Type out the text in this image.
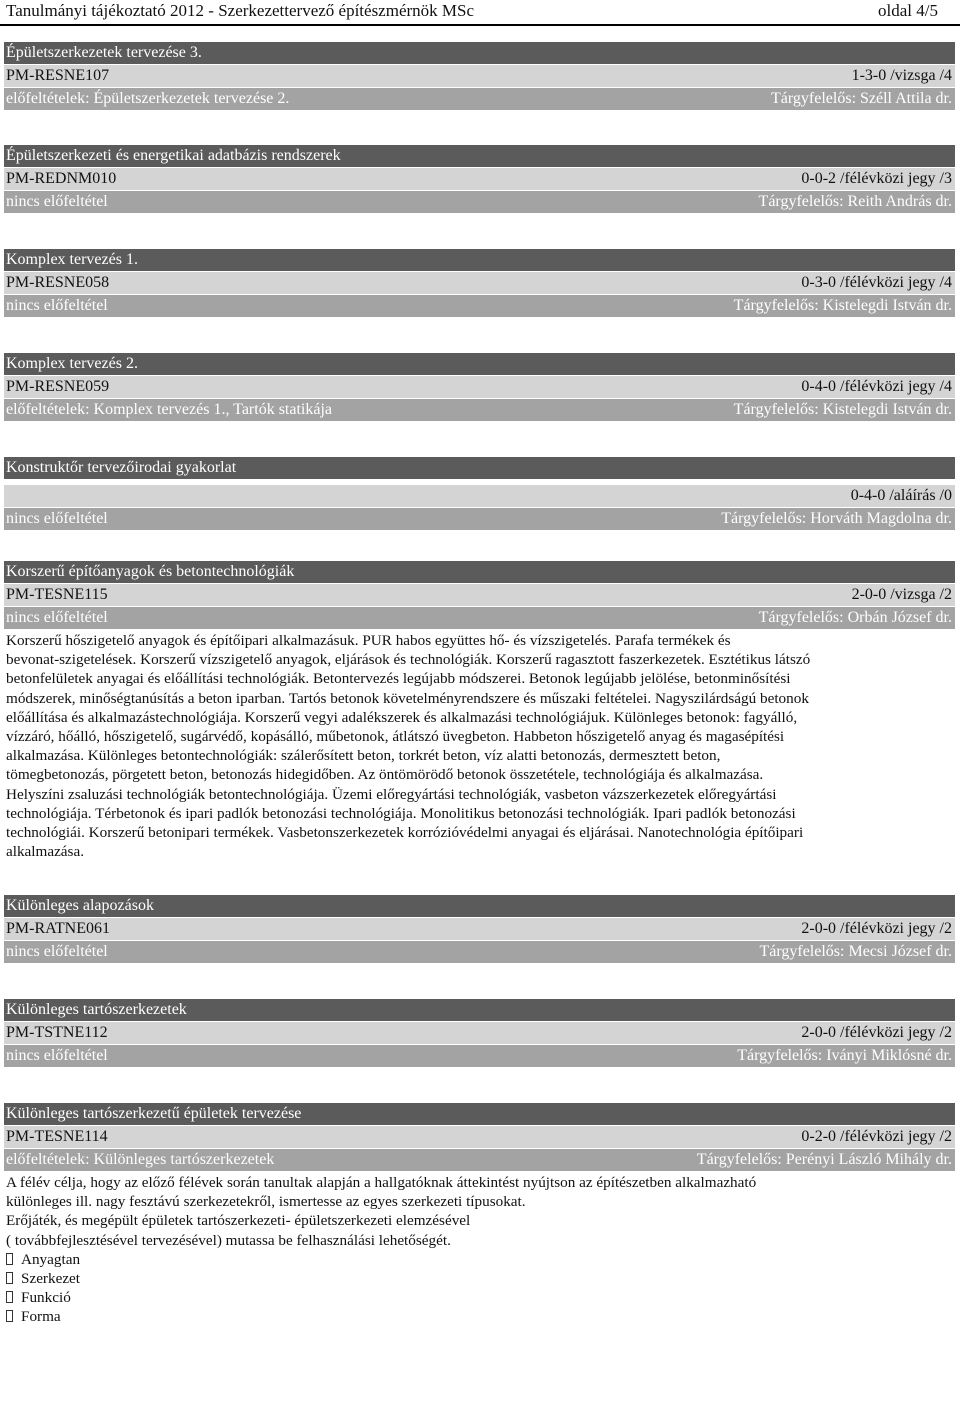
Tanulmányi tájékoztató 2012 - Szerkezettervező építészmérnök MSc	oldal 4/5
Épületszerkezetek tervezése 3.
PM-RESNE107	1-3-0 /vizsga /4
előfeltételek: Épületszerkezetek tervezése 2.	Tárgyfelelős: Széll Attila dr.
Épületszerkezeti és energetikai adatbázis rendszerek
PM-REDNM010	0-0-2 /félévközi jegy /3
nincs előfeltétel	Tárgyfelelős: Reith András dr.
Komplex tervezés 1.
PM-RESNE058	0-3-0 /félévközi jegy /4
nincs előfeltétel	Tárgyfelelős: Kistelegdi István dr.
Komplex tervezés 2.
PM-RESNE059	0-4-0 /félévközi jegy /4
előfeltételek: Komplex tervezés 1., Tartók statikája	Tárgyfelelős: Kistelegdi István dr.
Konstruktőr tervezőirodai gyakorlat
0-4-0 /aláírás /0
nincs előfeltétel	Tárgyfelelős: Horváth Magdolna dr.
Korszerű építőanyagok és betontechnológiák
PM-TESNE115	2-0-0 /vizsga /2
nincs előfeltétel	Tárgyfelelős: Orbán József dr.
Korszerű hőszigetelő anyagok és építőipari alkalmazásuk. PUR habos együttes hő- és vízszigetelés. Parafa termékek és
bevonat-szigetelések. Korszerű vízszigetelő anyagok, eljárások és technológiák. Korszerű ragasztott faszerkezetek. Esztétikus látszó
betonfelületek anyagai és előállítási technológiák. Betontervezés legújabb módszerei. Betonok legújabb jelölése, betonminősítési
módszerek, minőségtanúsítás a beton iparban. Tartós betonok követelményrendszere és műszaki feltételei. Nagyszilárdságú betonok
előállítása és alkalmazástechnológiája. Korszerű vegyi adalékszerek és alkalmazási technológiájuk. Különleges betonok: fagyálló,
vízzáró, hőálló, hőszigetelő, sugárvédő, kopásálló, műbetonok, átlátszó üvegbeton. Habbeton hőszigetelő anyag és magasépítési
alkalmazása. Különleges betontechnológiák: szálerősített beton, torkrét beton, víz alatti betonozás, dermesztett beton,
tömegbetonozás, pörgetett beton, betonozás hidegidőben. Az öntömörödő betonok összetétele, technológiája és alkalmazása.
Helyszíni zsaluzási technológiák betontechnológiája. Üzemi előregyártási technológiák, vasbeton vázszerkezetek előregyártási
technológiája. Térbetonok és ipari padlók betonozási technológiája. Monolitikus betonozási technológiák. Ipari padlók betonozási
technológiái. Korszerű betonipari termékek. Vasbetonszerkezetek korrózióvédelmi anyagai és eljárásai. Nanotechnológia építőipari
alkalmazása.
Különleges alapozások
PM-RATNE061	2-0-0 /félévközi jegy /2
nincs előfeltétel	Tárgyfelelős: Mecsi József dr.
Különleges tartószerkezetek
PM-TSTNE112	2-0-0 /félévközi jegy /2
nincs előfeltétel	Tárgyfelelős: Iványi Miklósné dr.
Különleges tartószerkezetű épületek tervezése
PM-TESNE114	0-2-0 /félévközi jegy /2
előfeltételek: Különleges tartószerkezetek	Tárgyfelelős: Perényi László Mihály dr.
A félév célja, hogy az előző félévek során tanultak alapján a hallgatóknak áttekintést nyújtson az építészetben alkalmazható
különleges ill. nagy fesztávú szerkezetekről, ismertesse az egyes szerkezeti típusokat.
Erőjáték, és megépült épületek tartószerkezeti- épületszerkezeti elemzésével
( továbbfejlesztésével tervezésével) mutassa be felhasználási lehetőségét.
Anyagtan
Szerkezet
Funkció
Forma
